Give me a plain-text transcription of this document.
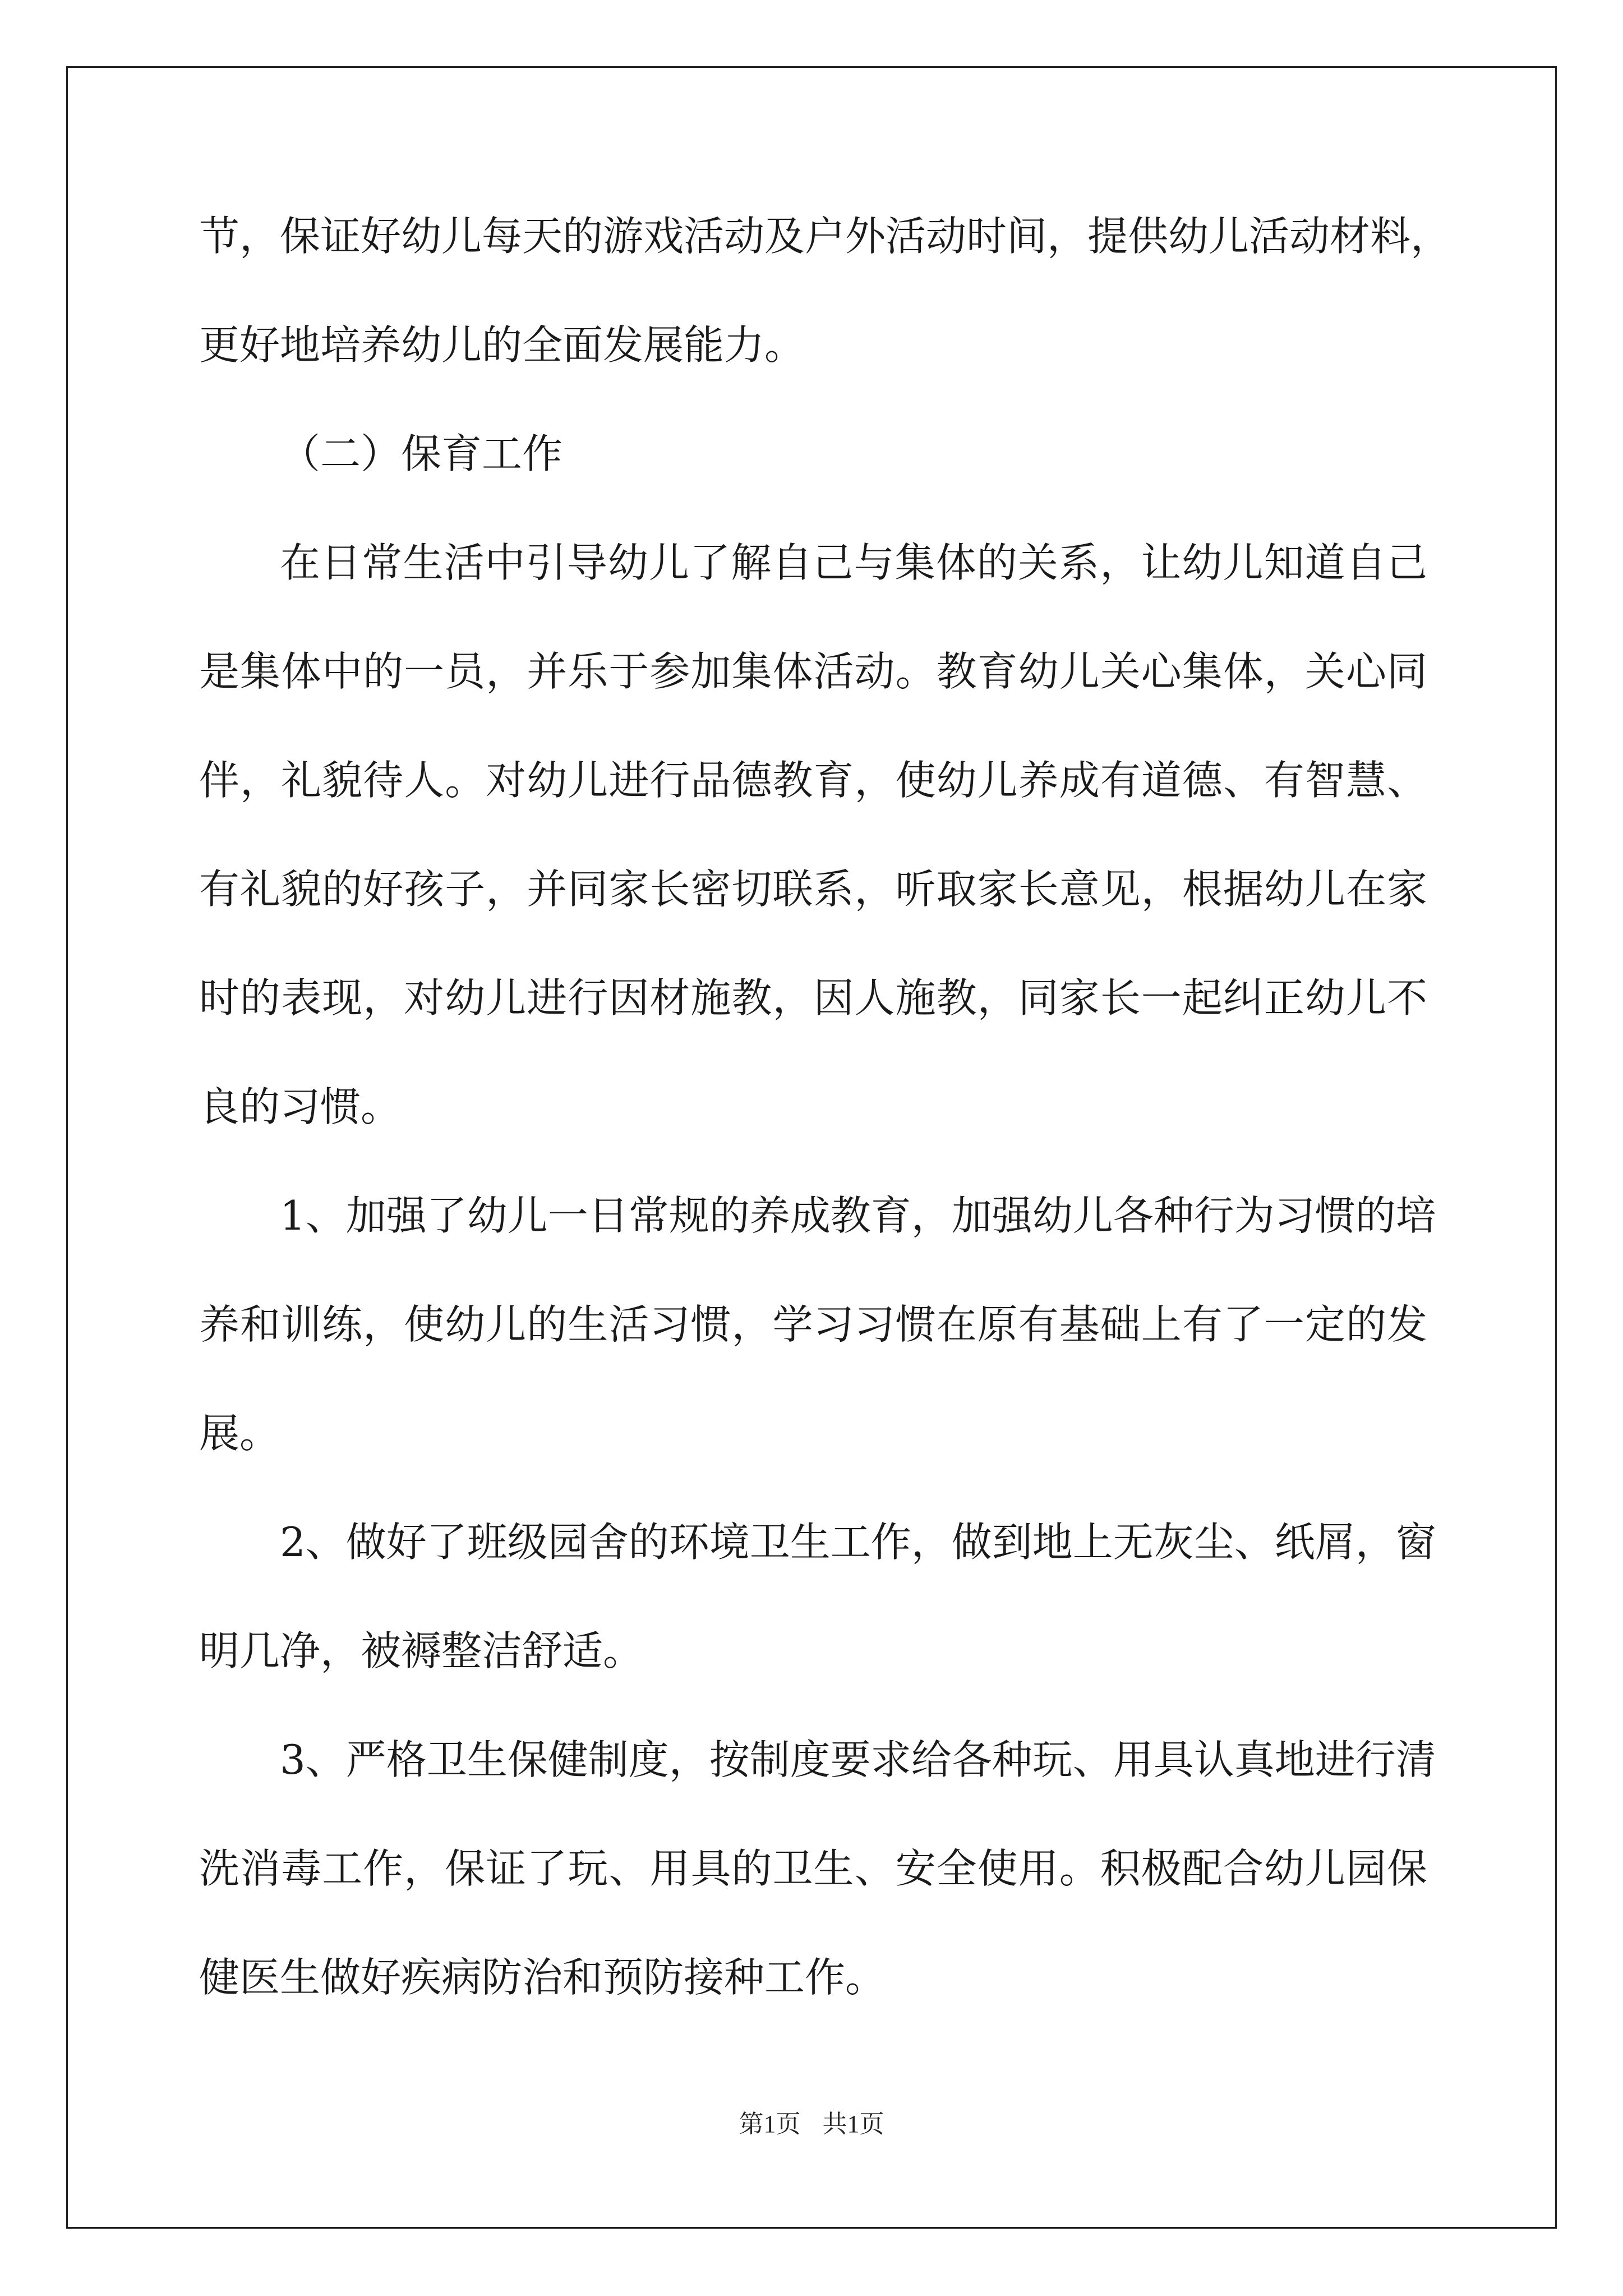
节，保证好幼儿每天的游戏活动及户外活动时间，提供幼儿活动材料，
更好地培养幼儿的全面发展能力。
（二）保育工作
在日常生活中引导幼儿了解自己与集体的关系，让幼儿知道自己
是集体中的一员，并乐于参加集体活动。教育幼儿关心集体，关心同
伴，礼貌待人。对幼儿进行品德教育，使幼儿养成有道德、有智慧、
有礼貌的好孩子，并同家长密切联系，听取家长意见，根据幼儿在家
时的表现，对幼儿进行因材施教，因人施教，同家长一起纠正幼儿不
良的习惯。
1、加强了幼儿一日常规的养成教育，加强幼儿各种行为习惯的培
养和训练，使幼儿的生活习惯，学习习惯在原有基础上有了一定的发
展。
2、做好了班级园舍的环境卫生工作，做到地上无灰尘、纸屑，窗
明几净，被褥整洁舒适。
3、严格卫生保健制度，按制度要求给各种玩、用具认真地进行清
洗消毒工作，保证了玩、用具的卫生、安全使用。积极配合幼儿园保
健医生做好疾病防治和预防接种工作。
第1页 共1页
